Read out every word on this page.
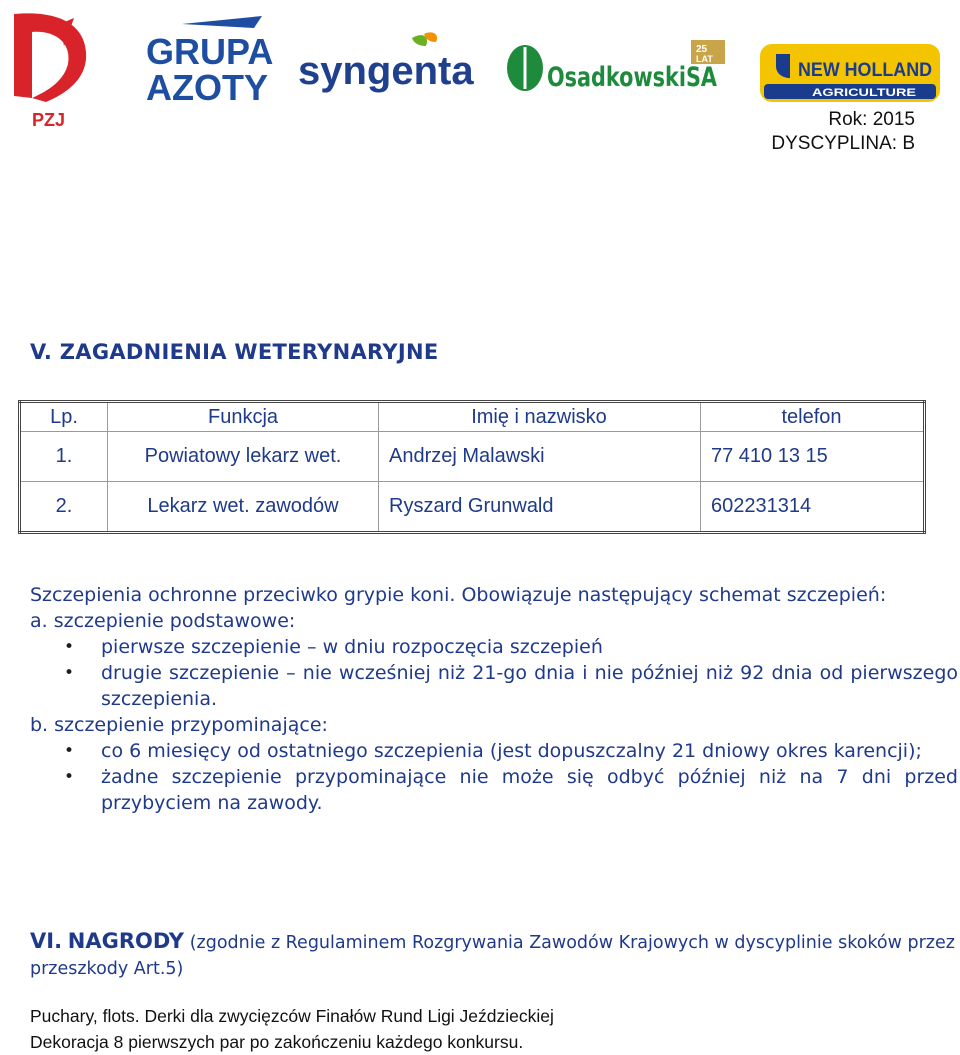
PZJ
GRUPA
AZOTY syngenta	25
LAT
OsadkowskiSA	NEW HOLLAND
AGRICULTURE
Rok: 2015
DYSCYPLINA: B
V. ZAGADNIENIA WETERYNARYJNE
Lp.	Funkcja	Imię i nazwisko	telefon
1.	Powiatowy lekarz wet.	Andrzej Malawski	77 410 13 15
2.	Lekarz wet. zawodów	Ryszard Grunwald	602231314

Szczepienia ochronne przeciwko grypie koni. Obowiązuje następujący schemat szczepień:

a. szczepienie podstawowe:

• pierwsze szczepienie – w dniu rozpoczęcia szczepień
• drugie szczepienie – nie wcześniej niż 21-go dnia i nie później niż 92 dnia od pierwszego szczepienia.

b. szczepienie przypominające:

• co 6 miesięcy od ostatniego szczepienia (jest dopuszczalny 21 dniowy okres karencji);
• żadne szczepienie przypominające nie może się odbyć później niż na 7 dni przed przybyciem na zawody.
VI. NAGRODY (zgodnie z Regulaminem Rozgrywania Zawodów Krajowych w dyscyplinie skoków przez przeszkody Art.5)
Puchary, flots. Derki dla zwycięzców Finałów Rund Ligi Jeździeckiej
Dekoracja 8 pierwszych par po zakończeniu każdego konkursu.
